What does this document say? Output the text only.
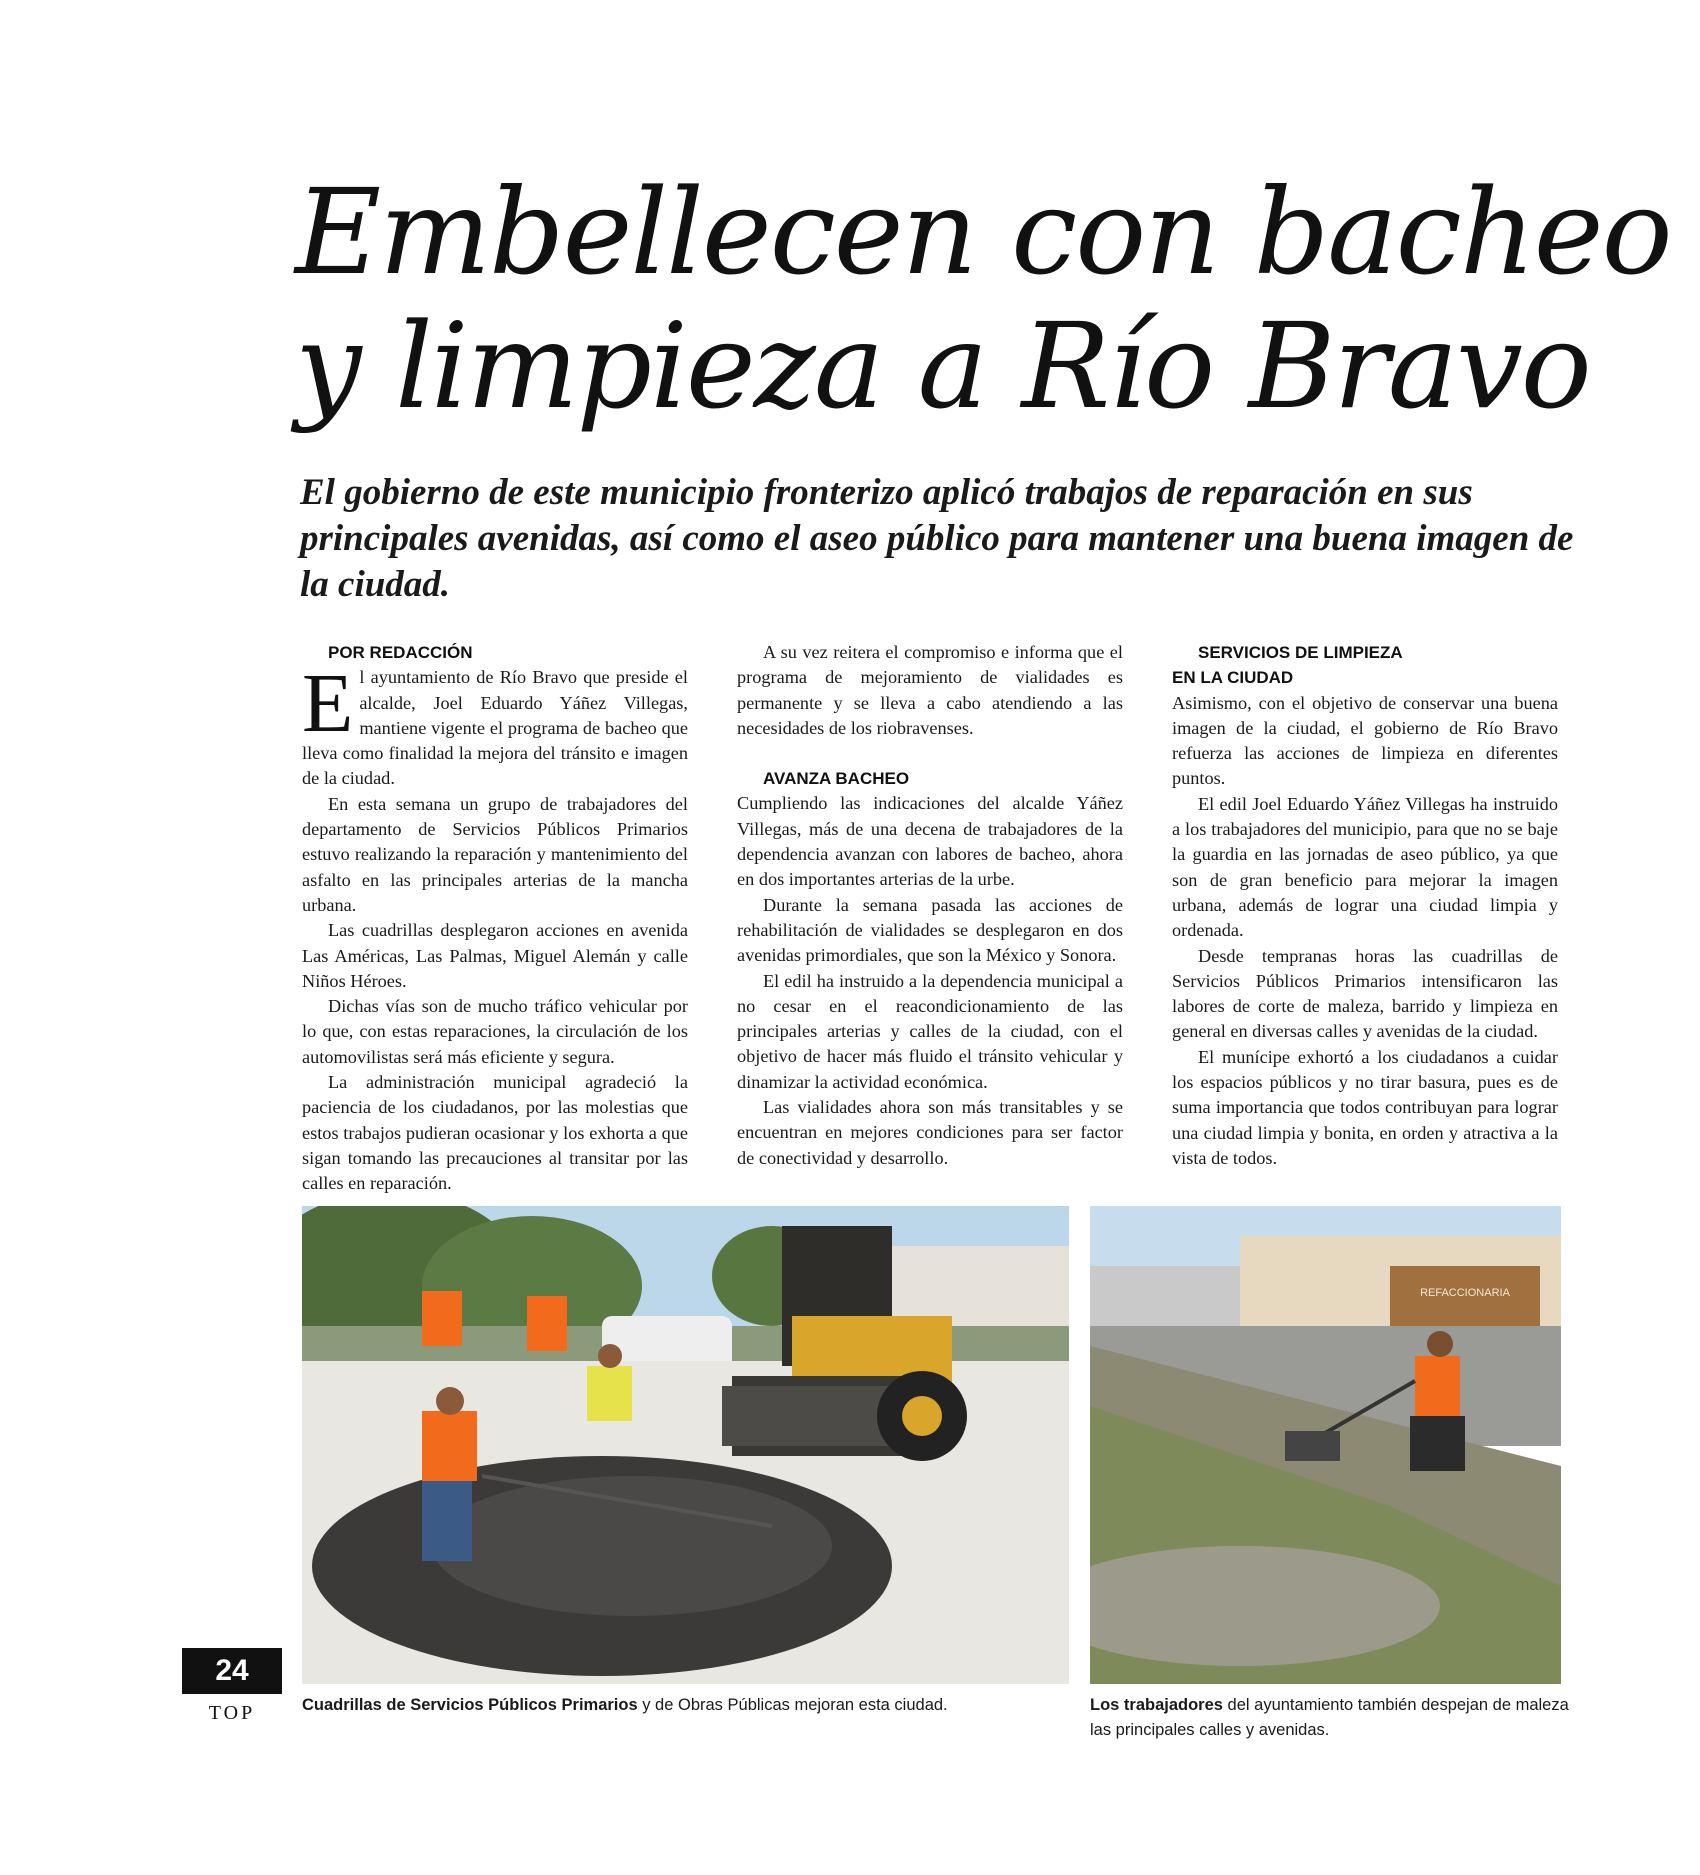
Embellecen con bacheo
y limpieza a Río Bravo

El gobierno de este municipio fronterizo aplicó trabajos de reparación en sus principales avenidas, así como el aseo público para mantener una buena imagen de la ciudad.

POR REDACCIÓN

El ayuntamiento de Río Bravo que preside el alcalde, Joel Eduardo Yáñez Villegas, mantiene vigente el programa de bacheo que lleva como finalidad la mejora del tránsito e imagen de la ciudad.

En esta semana un grupo de trabajadores del departamento de Servicios Públicos Primarios estuvo realizando la reparación y mantenimiento del asfalto en las principales arterias de la mancha urbana.

Las cuadrillas desplegaron acciones en avenida Las Américas, Las Palmas, Miguel Alemán y calle Niños Héroes.

Dichas vías son de mucho tráfico vehicular por lo que, con estas reparaciones, la circulación de los automovilistas será más eficiente y segura.

La administración municipal agradeció la paciencia de los ciudadanos, por las molestias que estos trabajos pudieran ocasionar y los exhorta a que sigan tomando las precauciones al transitar por las calles en reparación.

A su vez reitera el compromiso e informa que el programa de mejoramiento de vialidades es permanente y se lleva a cabo atendiendo a las necesidades de los riobravenses.

AVANZA BACHEO

Cumpliendo las indicaciones del alcalde Yáñez Villegas, más de una decena de trabajadores de la dependencia avanzan con labores de bacheo, ahora en dos importantes arterias de la urbe.

Durante la semana pasada las acciones de rehabilitación de vialidades se desplegaron en dos avenidas primordiales, que son la México y Sonora.

El edil ha instruido a la dependencia municipal a no cesar en el reacondicionamiento de las principales arterias y calles de la ciudad, con el objetivo de hacer más fluido el tránsito vehicular y dinamizar la actividad económica.

Las vialidades ahora son más transitables y se encuentran en mejores condiciones para ser factor de conectividad y desarrollo.

SERVICIOS DE LIMPIEZA
EN LA CIUDAD

Asimismo, con el objetivo de conservar una buena imagen de la ciudad, el gobierno de Río Bravo refuerza las acciones de limpieza en diferentes puntos.

El edil Joel Eduardo Yáñez Villegas ha instruido a los trabajadores del municipio, para que no se baje la guardia en las jornadas de aseo público, ya que son de gran beneficio para mejorar la imagen urbana, además de lograr una ciudad limpia y ordenada.

Desde tempranas horas las cuadrillas de Servicios Públicos Primarios intensificaron las labores de corte de maleza, barrido y limpieza en general en diversas calles y avenidas de la ciudad.

El munícipe exhortó a los ciudadanos a cuidar los espacios públicos y no tirar basura, pues es de suma importancia que todos contribuyan para lograr una ciudad limpia y bonita, en orden y atractiva a la vista de todos.

REFACCIONARIA

Cuadrillas de Servicios Públicos Primarios y de Obras Públicas mejoran esta ciudad.	Los trabajadores del ayuntamiento también despejan de maleza las principales calles y avenidas.

24
TOP
